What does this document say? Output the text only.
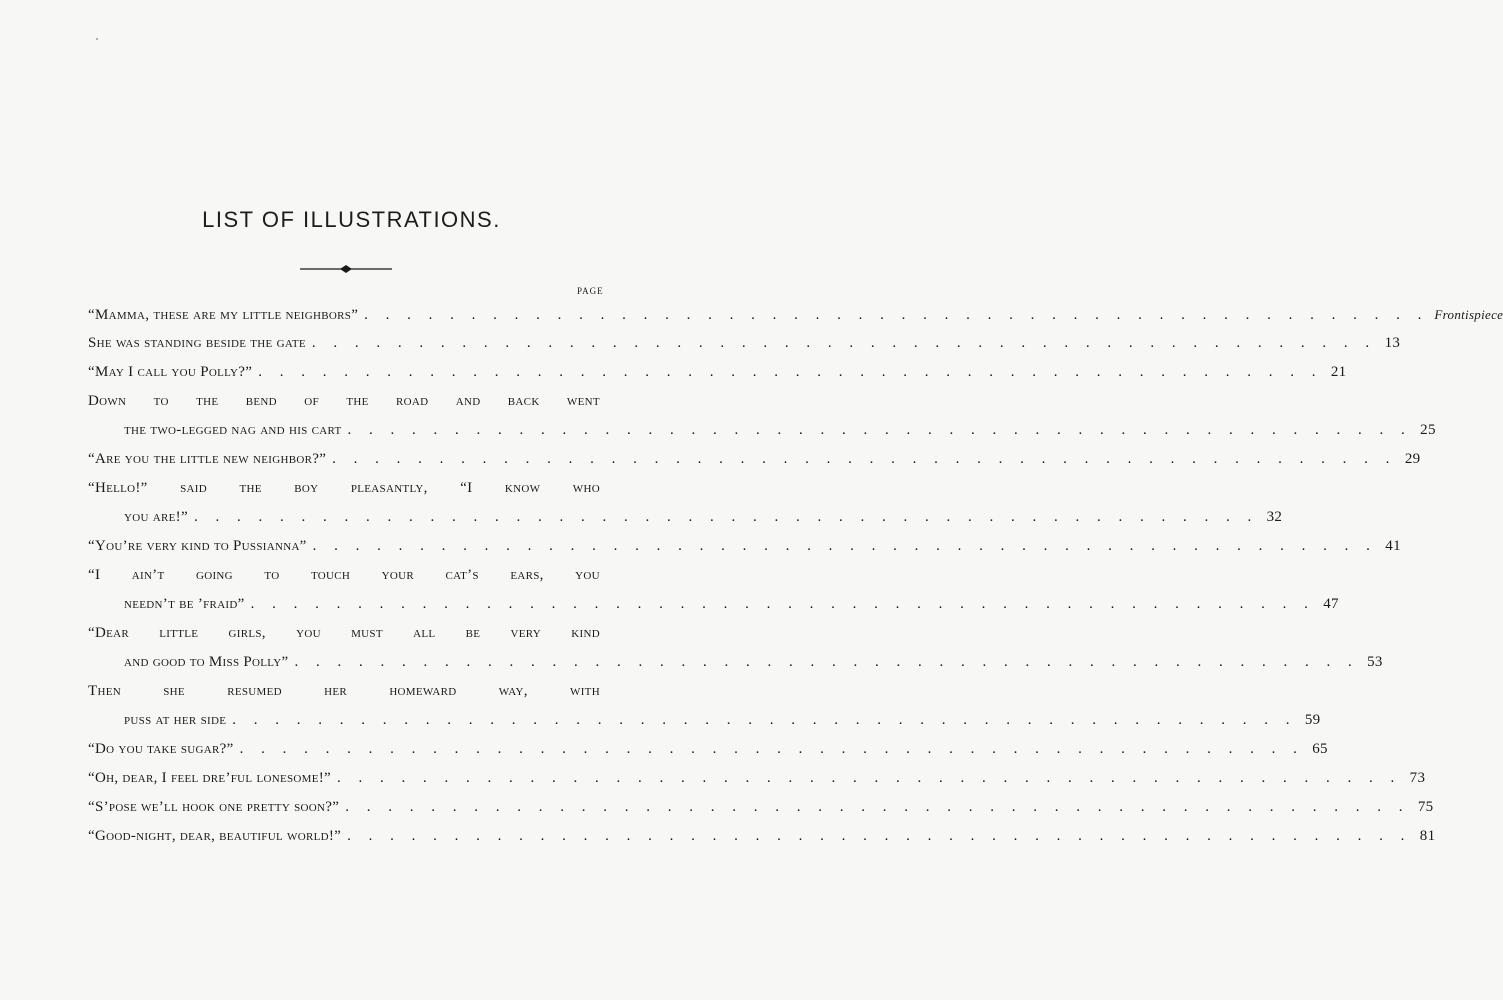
LIST OF ILLUSTRATIONS.
PAGE
“Mamma, these are my little neighbors” . . . . . . . . . . . . . . . . . . . . . . . . . . . . . . . . . . . . . . . . . . . . . . . . . . Frontispiece
She was standing beside the gate . . . . . . . . . . . . . . . . . . . . . . . . . . . . . . . . . . . . . . . . . . . . . . . . . . 13
“May I call you Polly?” . . . . . . . . . . . . . . . . . . . . . . . . . . . . . . . . . . . . . . . . . . . . . . . . . . 21
Down to the bend of the road and back went
the two-legged nag and his cart . . . . . . . . . . . . . . . . . . . . . . . . . . . . . . . . . . . . . . . . . . . . . . . . . . 25
“Are you the little new neighbor?” . . . . . . . . . . . . . . . . . . . . . . . . . . . . . . . . . . . . . . . . . . . . . . . . . . 29
“Hello!” said the boy pleasantly, “I know who
you are!” . . . . . . . . . . . . . . . . . . . . . . . . . . . . . . . . . . . . . . . . . . . . . . . . . . 32
“You’re very kind to Pussianna” . . . . . . . . . . . . . . . . . . . . . . . . . . . . . . . . . . . . . . . . . . . . . . . . . . 41
“I ain’t going to touch your cat’s ears, you
needn’t be ’fraid” . . . . . . . . . . . . . . . . . . . . . . . . . . . . . . . . . . . . . . . . . . . . . . . . . . 47
“Dear little girls, you must all be very kind
and good to Miss Polly” . . . . . . . . . . . . . . . . . . . . . . . . . . . . . . . . . . . . . . . . . . . . . . . . . . 53
Then	she	resumed	her	homeward	way,	with
puss at her side . . . . . . . . . . . . . . . . . . . . . . . . . . . . . . . . . . . . . . . . . . . . . . . . . . 59
“Do you take sugar?” . . . . . . . . . . . . . . . . . . . . . . . . . . . . . . . . . . . . . . . . . . . . . . . . . . 65
“Oh, dear, I feel dre’ful lonesome!” . . . . . . . . . . . . . . . . . . . . . . . . . . . . . . . . . . . . . . . . . . . . . . . . . . 73
“S’pose we’ll hook one pretty soon?” . . . . . . . . . . . . . . . . . . . . . . . . . . . . . . . . . . . . . . . . . . . . . . . . . . 75
“Good-night, dear, beautiful world!” . . . . . . . . . . . . . . . . . . . . . . . . . . . . . . . . . . . . . . . . . . . . . . . . . . 81
